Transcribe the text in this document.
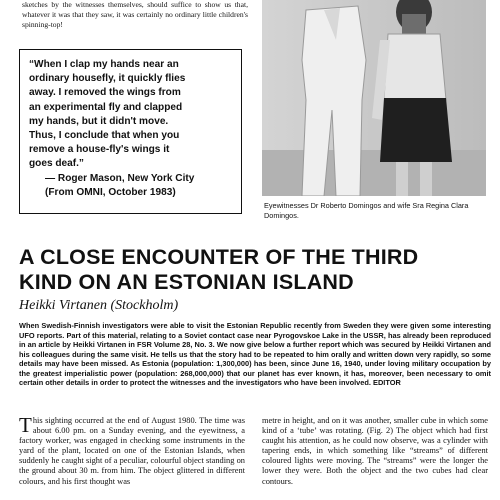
sketches by the witnesses themselves, should suffice to show us that, whatever it was that they saw, it was certainly no ordinary little children's spinning-top!
“When I clap my hands near an
ordinary housefly, it quickly flies
away. I removed the wings from
an experimental fly and clapped
my hands, but it didn't move.
Thus, I conclude that when you
remove a house-fly's wings it
goes deaf.”
— Roger Mason, New York City
(From OMNI, October 1983)
Eyewitnesses Dr Roberto Domingos and wife Sra Regina Clara Domingos.
A CLOSE ENCOUNTER OF THE THIRD
KIND ON AN ESTONIAN ISLAND
Heikki Virtanen (Stockholm)
When Swedish-Finnish investigators were able to visit the Estonian Republic recently from Sweden they were given some interesting UFO reports. Part of this material, relating to a Soviet contact case near Pyrogovskoe Lake in the USSR, has already been reproduced in an article by Heikki Virtanen in FSR Volume 28, No. 3. We now give below a further report which was secured by Heikki Virtanen and his colleagues during the same visit. He tells us that the story had to be repeated to him orally and written down very rapidly, so some details may have been missed. As Estonia (population: 1,300,000) has been, since June 16, 1940, under loving military occupation by the greatest imperialistic power (population: 268,000,000) that our planet has ever known, it has, moreover, been necessary to omit certain other details in order to protect the witnesses and the investigators who have been involved. EDITOR
This sighting occurred at the end of August 1980. The time was about 6.00 pm. on a Sunday evening, and the eyewitness, a factory worker, was engaged in checking some instruments in the yard of the plant, located on one of the Estonian Islands, when suddenly he caught sight of a peculiar, colourful object standing on the ground about 30 m. from him. The object glittered in different colours, and his first thought was
metre in height, and on it was another, smaller cube in which some kind of a ‘tube’ was rotating. (Fig. 2) The object which had first caught his attention, as he could now observe, was a cylinder with tapering ends, in which something like “streams” of different coloured lights were moving. The “streams” were the longer the lower they were. Both the object and the two cubes had clear contours.
